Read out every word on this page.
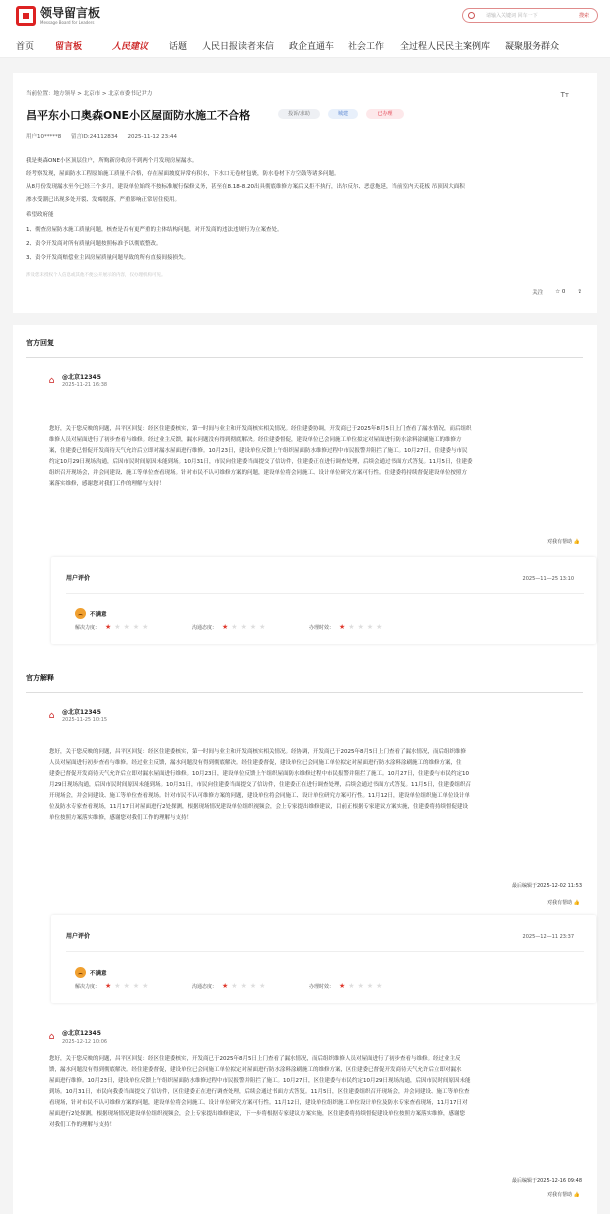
领导留言板
Message Board for Leaders
请输入关键词 回车一下	搜索
首页 留言板	人民建议 话题 人民日报读者来信 政企直通车 社会工作 全过程人民民主案例库 凝聚服务群众
当前位置：地方领导 > 北京市 > 北京市委书记尹力	Tт
昌平东小口奥森ONE小区屋面防水施工不合格	投诉/求助	城建	已办理
用户10*****8 留言ID:24112834 2025-11-12 23:44
我是奥森ONE小区顶层住户，所购新房收房不到两个月发现房屋漏水。
经考察发现，屋面防水工程原始施工质量不合格，存在屋面坡度异常有积水，下水口无卷材包裹，防水卷材下方空鼓等诸多问题。
从8月份发现漏水至今已经三个多月，建设单位始终不按标准履行保修义务，甚至在8.18-8.20出具彻底维修方案后又拒不执行，出尔反尔、恶意拖延，当前室内天花板 吊顶因大面积
渗水受潮已出现多处开裂、发霉脱落，严重影响正常居住使用。
希望政府能
1、彻查房屋防水施工质量问题，核查是否有更严重的主体结构问题，对开发商的违法违规行为立案查处。
2、责令开发商对所有质量问题按照标准予以彻底整改。
3、责令开发商赔偿业主因房屋质量问题导致的所有直接间接损失。
涉及您未授权个人信息或其他不便公开展示的内容，仅办理机构可见。
关注 ☆ 0 ⇪
官方回复
⌂	@北京12345
2025-11-21 16:38
您好，关于您反映的问题，昌平区回复：经区住建委核实，第一时间与业主和开发商核实相关情况。经住建委协调，开发商已于2025年8月5日上门查看了漏水情况，而后组织
维修人员对屋面进行了初步查看与维修。经过业主反馈，漏水问题没有得到彻底解决。经住建委督促，建设单位已会同施工单位拟定对屋面进行防水涂料涂刷施工的维修方
案，住建委已督促开发商待天气允许后立即对漏水屋面进行维修。10月23日，建设单位反馈上午组织屋面防水维修过程中市民报警并阻拦了施工。10月27日，住建委与市民
约定10月29日现场沟通，后因市民时间原因未能到场。10月31日，市民向住建委当面提交了信访件，住建委正在进行调查处理，后续会通过书面方式答复。11月5日，住建委
组织召开现场会，并会同建设、施工等单位查看现场。针对市民不认可维修方案的问题，建设单位将会同施工、设计单位研究方案可行性。住建委将持续督促建设单位按照方
案落实维修，感谢您对我们工作的理解与支持！
对我有帮助 👍
用户评价	2025—11—25 13:10
不满意
解决力度： ★★★★★	沟通态度： ★★★★★	办理时效： ★★★★★
官方解释
⌂	@北京12345
2025-11-25 10:15
您好，关于您反映的问题，昌平区回复：经区住建委核实，第一时间与业主和开发商核实相关情况。经协调，开发商已于2025年8月5日上门查看了漏水情况，而后组织维修
人员对屋面进行初步查看与维修。经过业主反馈，漏水问题没有得到彻底解决。经住建委督促，建设单位已会同施工单位拟定对屋面进行防水涂料涂刷施工的维修方案，住
建委已督促开发商待天气允许后立即对漏水屋面进行维修。10月23日，建设单位反馈上午组织屋面防水维修过程中市民报警并阻拦了施工。10月27日，住建委与市民约定10
月29日现场沟通，后因市民时间原因未能到场。10月31日，市民向住建委当面提交了信访件，住建委正在进行调查处理，后续会通过书面方式答复。11月5日，住建委组织召
开现场会，并会同建设、施工等单位查看现场。针对市民不认可维修方案的问题，建设单位将会同施工、设计单位研究方案可行性。11月12日，建设单位组织施工单位设计单
位及防水专家查看现场，11月17日对屋面进行2处探测，根据现场情况建设单位组织视频会，会上专家提出维修建议，目前正根据专家建议方案实施，住建委将持续督促建设
单位按照方案落实维修，感谢您对我们工作的理解与支持！
最后编辑于2025-12-02 11:53
对我有帮助 👍
用户评价	2025—12—11 23:37
不满意
解决力度： ★★★★★	沟通态度： ★★★★★	办理时效： ★★★★★
⌂	@北京12345
2025-12-12 10:06
您好，关于您反映的问题，昌平区回复：经区住建委核实，开发商已于2025年8月5日上门查看了漏水情况，而后组织维修人员对屋面进行了初步查看与维修。经过业主反
馈，漏水问题没有得到彻底解决。经住建委督促，建设单位已会同施工单位拟定对屋面进行防水涂料涂刷施工的维修方案，区住建委已督促开发商待天气允许后立即对漏水
屋面进行维修。10月23日，建设单位反馈上午组织屋面防水维修过程中市民报警并阻拦了施工。10月27日，区住建委与市民约定10月29日现场沟通，后因市民时间原因未能
到场。10月31日，市民向我委当面提交了信访件，区住建委正在进行调查处理，后续会通过书面方式答复。11月5日，区住建委组织召开现场会，并会同建设、施工等单位查
看现场，针对市民不认可维修方案的问题，建设单位将会同施工、设计单位研究方案可行性。11月12日，建设单位组织施工单位设计单位及防水专家查看现场，11月17日对
屋面进行2处探测，根据现场情况建设单位组织视频会，会上专家提出维修建议，下一步将根据专家建议方案实施，区住建委将持续督促建设单位按照方案落实维修，感谢您
对我们工作的理解与支持！
最后编辑于2025-12-16 09:48
对我有帮助 👍
